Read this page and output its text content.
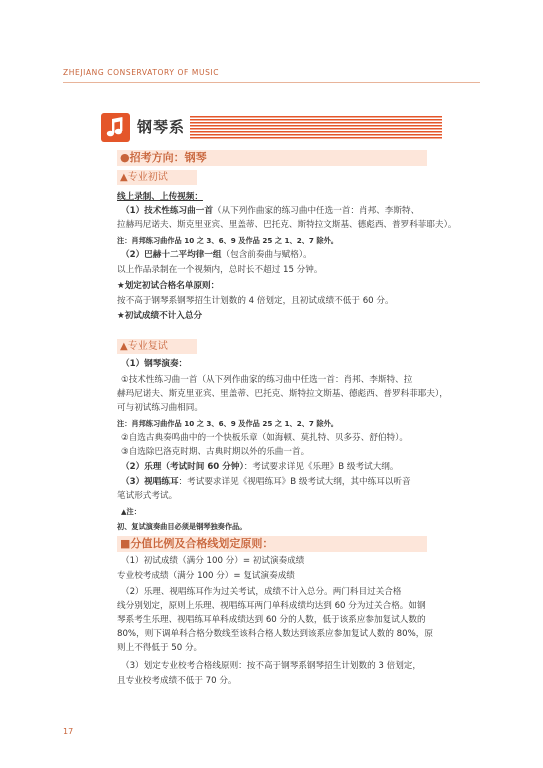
ZHEJIANG CONSERVATORY OF MUSIC
钢琴系
●招考方向：钢琴
▲专业初试
线上录制、上传视频：
（1）技术性练习曲一首（从下列作曲家的练习曲中任选一首：肖邦、李斯特、
拉赫玛尼诺夫、斯克里亚宾、里盖蒂、巴托克、斯特拉文斯基、德彪西、普罗科菲耶夫）。
注：肖邦练习曲作品 10 之 3、6、9 及作品 25 之 1、2、7 除外。
（2）巴赫十二平均律一组（包含前奏曲与赋格）。
以上作品录制在一个视频内，总时长不超过 15 分钟。
★划定初试合格名单原则：
按不高于钢琴系钢琴招生计划数的 4 倍划定，且初试成绩不低于 60 分。
★初试成绩不计入总分
▲专业复试
（1）钢琴演奏：
①技术性练习曲一首（从下列作曲家的练习曲中任选一首：肖邦、李斯特、拉
赫玛尼诺夫、斯克里亚宾、里盖蒂、巴托克、斯特拉文斯基、德彪西、普罗科菲耶夫），
可与初试练习曲相同。
注：肖邦练习曲作品 10 之 3、6、9 及作品 25 之 1、2、7 除外。
②自选古典奏鸣曲中的一个快板乐章（如海顿、莫扎特、贝多芬、舒伯特）。
③自选除巴洛克时期、古典时期以外的乐曲一首。
（2）乐理（考试时间 60 分钟）：考试要求详见《乐理》B 级考试大纲。
（3）视唱练耳：考试要求详见《视唱练耳》B 级考试大纲，其中练耳以听音
笔试形式考试。
▲注：
初、复试演奏曲目必须是钢琴独奏作品。
■分值比例及合格线划定原则：
（1）初试成绩（满分 100 分）= 初试演奏成绩
专业校考成绩（满分 100 分）= 复试演奏成绩
（2）乐理、视唱练耳作为过关考试，成绩不计入总分。两门科目过关合格
线分别划定，原则上乐理、视唱练耳两门单科成绩均达到 60 分为过关合格。如钢
琴系考生乐理、视唱练耳单科成绩达到 60 分的人数，低于该系应参加复试人数的
80%，则下调单科合格分数线至该科合格人数达到该系应参加复试人数的 80%，原
则上不得低于 50 分。
（3）划定专业校考合格线原则：按不高于钢琴系钢琴招生计划数的 3 倍划定，
且专业校考成绩不低于 70 分。
17
